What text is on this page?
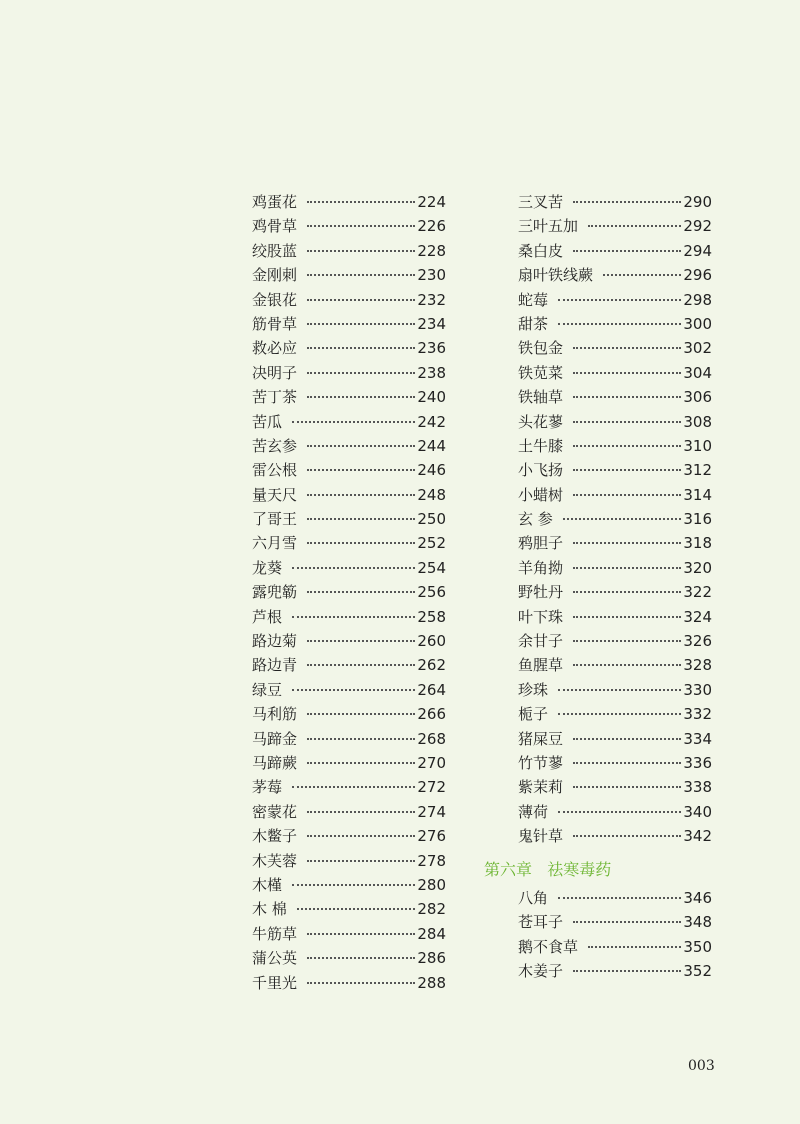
鸡蛋花	224
鸡骨草	226
绞股蓝	228
金刚刺	230
金银花	232
筋骨草	234
救必应	236
决明子	238
苦丁茶	240
苦瓜	242
苦玄参	244
雷公根	246
量天尺	248
了哥王	250
六月雪	252
龙葵	254
露兜簕	256
芦根	258
路边菊	260
路边青	262
绿豆	264
马利筋	266
马蹄金	268
马蹄蕨	270
茅莓	272
密蒙花	274
木鳖子	276
木芙蓉	278
木槿	280
木 棉	282
牛筋草	284
蒲公英	286
千里光	288
三叉苦	290
三叶五加	292
桑白皮	294
扇叶铁线蕨	296
蛇莓	298
甜茶	300
铁包金	302
铁苋菜	304
铁轴草	306
头花蓼	308
土牛膝	310
小飞扬	312
小蜡树	314
玄 参	316
鸦胆子	318
羊角拗	320
野牡丹	322
叶下珠	324
余甘子	326
鱼腥草	328
珍珠	330
栀子	332
猪屎豆	334
竹节蓼	336
紫茉莉	338
薄荷	340
鬼针草	342
第六章   祛寒毒药
八角	346
苍耳子	348
鹅不食草	350
木姜子	352
003
